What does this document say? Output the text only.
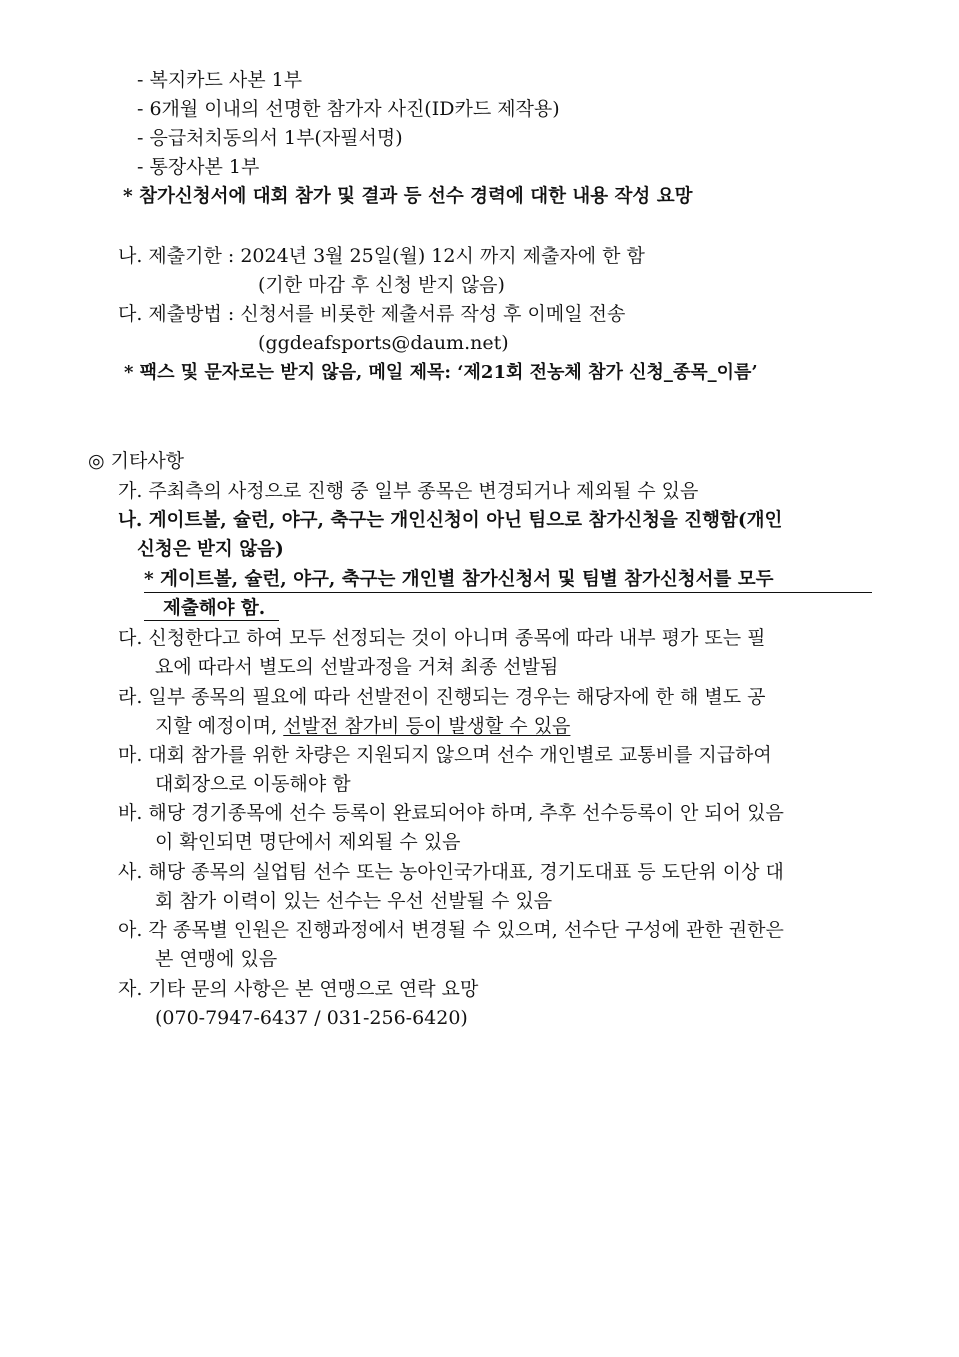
- 복지카드 사본 1부
- 6개월 이내의 선명한 참가자 사진(ID카드 제작용)
- 응급처치동의서 1부(자필서명)
- 통장사본 1부
* 참가신청서에 대회 참가 및 결과 등 선수 경력에 대한 내용 작성 요망
나. 제출기한 : 2024년 3월 25일(월) 12시 까지 제출자에 한 함
(기한 마감 후 신청 받지 않음)
다. 제출방법 : 신청서를 비롯한 제출서류 작성 후 이메일 전송
(ggdeafsports@daum.net)
* 팩스 및 문자로는 받지 않음, 메일 제목: ‘제21회 전농체 참가 신청_종목_이름’
◎ 기타사항
가. 주최측의 사정으로 진행 중 일부 종목은 변경되거나 제외될 수 있음
나. 게이트볼, 슐런, 야구, 축구는 개인신청이 아닌 팀으로 참가신청을 진행함(개인
신청은 받지 않음)
* 게이트볼, 슐런, 야구, 축구는 개인별 참가신청서 및 팀별 참가신청서를 모두
제출해야 함.
다. 신청한다고 하여 모두 선정되는 것이 아니며 종목에 따라 내부 평가 또는 필
요에 따라서 별도의 선발과정을 거쳐 최종 선발됨
라. 일부 종목의 필요에 따라 선발전이 진행되는 경우는 해당자에 한 해 별도 공
지할 예정이며, 선발전 참가비 등이 발생할 수 있음
마. 대회 참가를 위한 차량은 지원되지 않으며 선수 개인별로 교통비를 지급하여
대회장으로 이동해야 함
바. 해당 경기종목에 선수 등록이 완료되어야 하며, 추후 선수등록이 안 되어 있음
이 확인되면 명단에서 제외될 수 있음
사. 해당 종목의 실업팀 선수 또는 농아인국가대표, 경기도대표 등 도단위 이상 대
회 참가 이력이 있는 선수는 우선 선발될 수 있음
아. 각 종목별 인원은 진행과정에서 변경될 수 있으며, 선수단 구성에 관한 권한은
본 연맹에 있음
자. 기타 문의 사항은 본 연맹으로 연락 요망
(070-7947-6437 / 031-256-6420)
